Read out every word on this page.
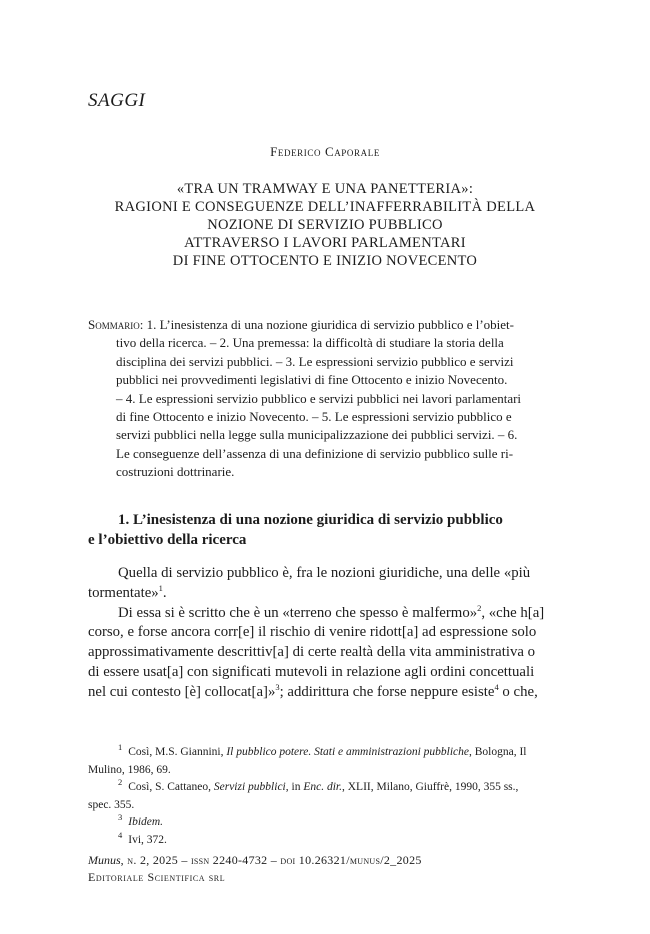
SAGGI
Federico Caporale
«TRA UN TRAMWAY E UNA PANETTERIA»:
RAGIONI E CONSEGUENZE DELL’INAFFERRABILITÀ DELLA
NOZIONE DI SERVIZIO PUBBLICO
ATTRAVERSO I LAVORI PARLAMENTARI
DI FINE OTTOCENTO E INIZIO NOVECENTO
Sommario: 1. L’inesistenza di una nozione giuridica di servizio pubblico e l’obiet-
tivo della ricerca. – 2. Una premessa: la difficoltà di studiare la storia della
disciplina dei servizi pubblici. – 3. Le espressioni servizio pubblico e servizi
pubblici nei provvedimenti legislativi di fine Ottocento e inizio Novecento.
– 4. Le espressioni servizio pubblico e servizi pubblici nei lavori parlamentari
di fine Ottocento e inizio Novecento. – 5. Le espressioni servizio pubblico e
servizi pubblici nella legge sulla municipalizzazione dei pubblici servizi. – 6.
Le conseguenze dell’assenza di una definizione di servizio pubblico sulle ri-
costruzioni dottrinarie.
1. L’inesistenza di una nozione giuridica di servizio pubblico
e l’obiettivo della ricerca
Quella di servizio pubblico è, fra le nozioni giuridiche, una delle «più
tormentate»$^1$.
Di essa si è scritto che è un «terreno che spesso è malfermo»$^2$, «che h[a]
corso, e forse ancora corr[e] il rischio di venire ridott[a] ad espressione solo
approssimativamente descrittiv[a] di certe realtà della vita amministrativa o
di essere usat[a] con significati mutevoli in relazione agli ordini concettuali
nel cui contesto [è] collocat[a]»$^3$; addirittura che forse neppure esiste$^4$ o che,
$^1$ Così, M.S. Giannini, Il pubblico potere. Stati e amministrazioni pubbliche, Bologna, Il
Mulino, 1986, 69.
$^2$ Così, S. Cattaneo, Servizi pubblici, in Enc. dir., XLII, Milano, Giuffrè, 1990, 355 ss.,
spec. 355.
$^3$ Ibidem.
$^4$ Ivi, 372.
Munus, n. 2, 2025 – issn 2240-4732 – doi 10.26321/munus/2_2025
Editoriale Scientifica srl
